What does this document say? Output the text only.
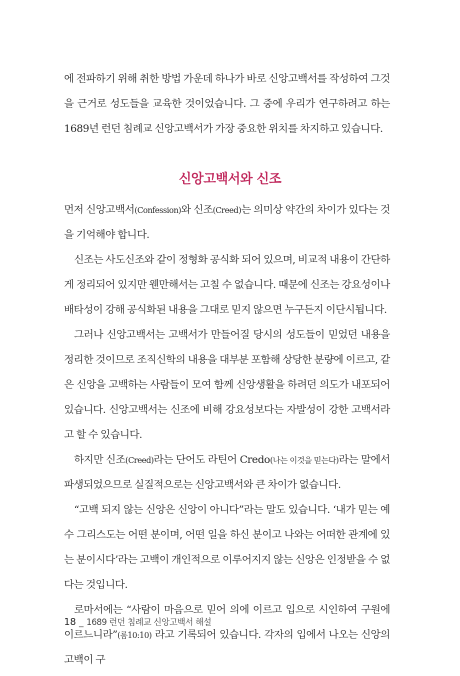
에 전파하기 위해 취한 방법 가운데 하나가 바로 신앙고백서를 작성하여 그것을 근거로 성도들을 교육한 것이었습니다. 그 중에 우리가 연구하려고 하는 1689년 런던 침례교 신앙고백서가 가장 중요한 위치를 차지하고 있습니다.

신앙고백서와 신조

먼저 신앙고백서(Confession)와 신조(Creed)는 의미상 약간의 차이가 있다는 것을 기억해야 합니다.

신조는 사도신조와 같이 정형화 공식화 되어 있으며, 비교적 내용이 간단하게 정리되어 있지만 웬만해서는 고칠 수 없습니다. 때문에 신조는 강요성이나 배타성이 강해 공식화된 내용을 그대로 믿지 않으면 누구든지 이단시됩니다.

그러나 신앙고백서는 고백서가 만들어질 당시의 성도들이 믿었던 내용을 정리한 것이므로 조직신학의 내용을 대부분 포함해 상당한 분량에 이르고, 같은 신앙을 고백하는 사람들이 모여 함께 신앙생활을 하려던 의도가 내포되어 있습니다. 신앙고백서는 신조에 비해 강요성보다는 자발성이 강한 고백서라고 할 수 있습니다.

하지만 신조(Creed)라는 단어도 라틴어 Credo(나는 이것을 믿는다)라는 말에서 파생되었으므로 실질적으로는 신앙고백서와 큰 차이가 없습니다.

“고백 되지 않는 신앙은 신앙이 아니다”라는 말도 있습니다. ‘내가 믿는 예수 그리스도는 어떤 분이며, 어떤 일을 하신 분이고 나와는 어떠한 관계에 있는 분이시다’라는 고백이 개인적으로 이루어지지 않는 신앙은 인정받을 수 없다는 것입니다.

로마서에는 “사람이 마음으로 믿어 의에 이르고 입으로 시인하여 구원에 이르느니라”(롬10:10) 라고 기록되어 있습니다. 각자의 입에서 나오는 신앙의 고백이 구

18 _ 1689 런던 침례교 신앙고백서 해설
